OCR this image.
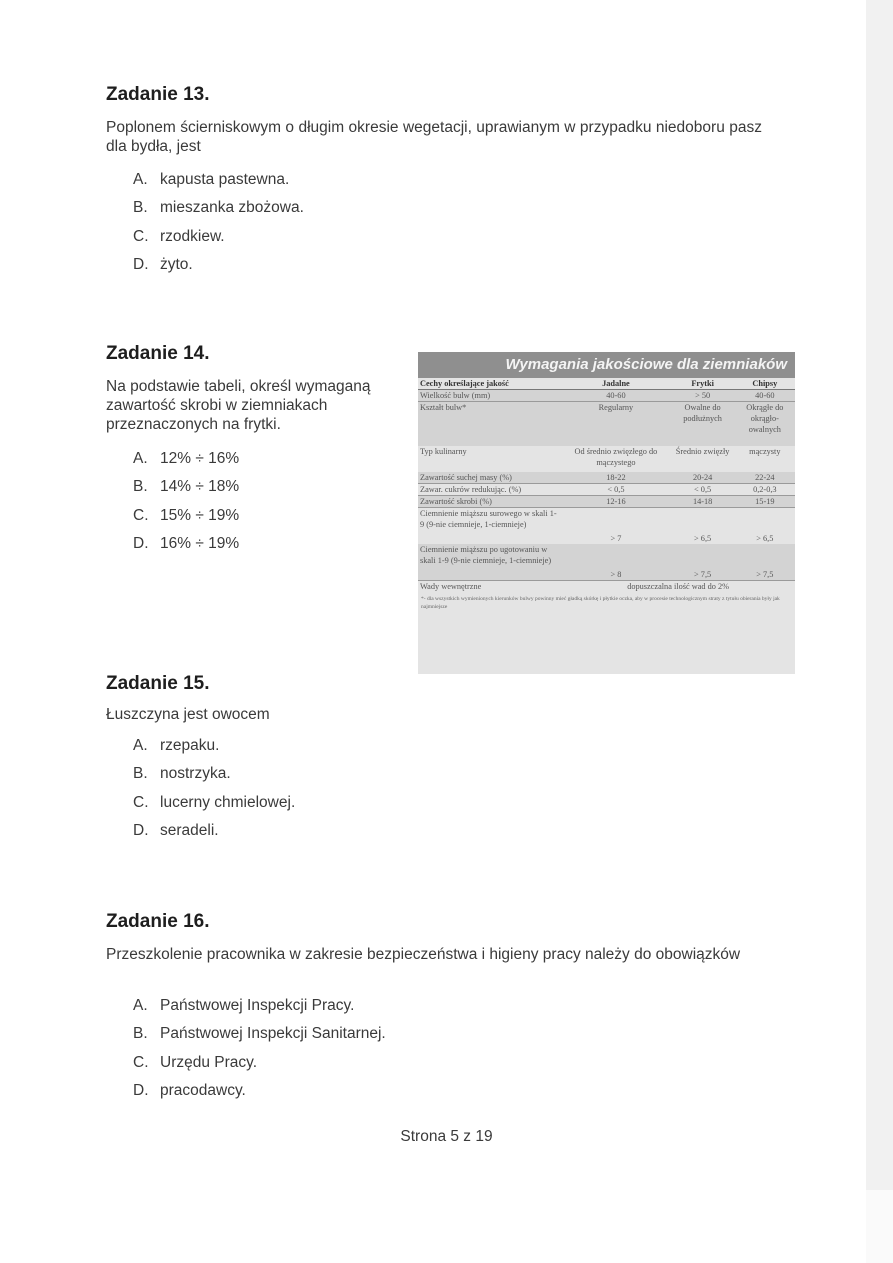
Zadanie 13.

Poplonem ścierniskowym o długim okresie wegetacji, uprawianym w przypadku niedoboru pasz dla bydła, jest

A. kapusta pastewna.
B. mieszanka zbożowa.
C. rzodkiew.
D. żyto.
Zadanie 14.

Na podstawie tabeli, określ wymaganą zawartość skrobi w ziemniakach przeznaczonych na frytki.

A. 12% ÷ 16%
B. 14% ÷ 18%
C. 15% ÷ 19%
D. 16% ÷ 19%
Wymagania jakościowe dla ziemniaków
Cechy określające jakość	Jadalne	Frytki	Chipsy
Wielkość bulw (mm)	40-60	> 50	40-60
Kształt bulw*	Regularny	Owalne do podłużnych	Okrągłe do okrągło-owalnych
Typ kulinarny	Od średnio zwięzłego do mączystego	Średnio zwięzły	mączysty
Zawartość suchej masy (%)	18-22	20-24	22-24
Zawar. cukrów redukując. (%)	< 0,5	< 0,5	0,2-0,3
Zawartość skrobi (%)	12-16	14-18	15-19
Ciemnienie miąższu surowego w skali 1-9 (9-nie ciemnieje, 1-ciemnieje)	> 7	> 6,5	> 6,5
Ciemnienie miąższu po ugotowaniu w skali 1-9 (9-nie ciemnieje, 1-ciemnieje)	> 8	> 7,5	> 7,5
Wady wewnętrzne	dopuszczalna ilość wad do 2%		
*- dla wszystkich wymienionych kierunków bulwy powinny mieć gładką skórkę i płytkie oczka, aby w procesie technologicznym straty z tytułu obierania były jak najmniejsze
Zadanie 15.

Łuszczyna jest owocem

A. rzepaku.
B. nostrzyka.
C. lucerny chmielowej.
D. seradeli.
Zadanie 16.

Przeszkolenie pracownika w zakresie bezpieczeństwa i higieny pracy należy do obowiązków

A. Państwowej Inspekcji Pracy.
B. Państwowej Inspekcji Sanitarnej.
C. Urzędu Pracy.
D. pracodawcy.

Strona 5 z 19
